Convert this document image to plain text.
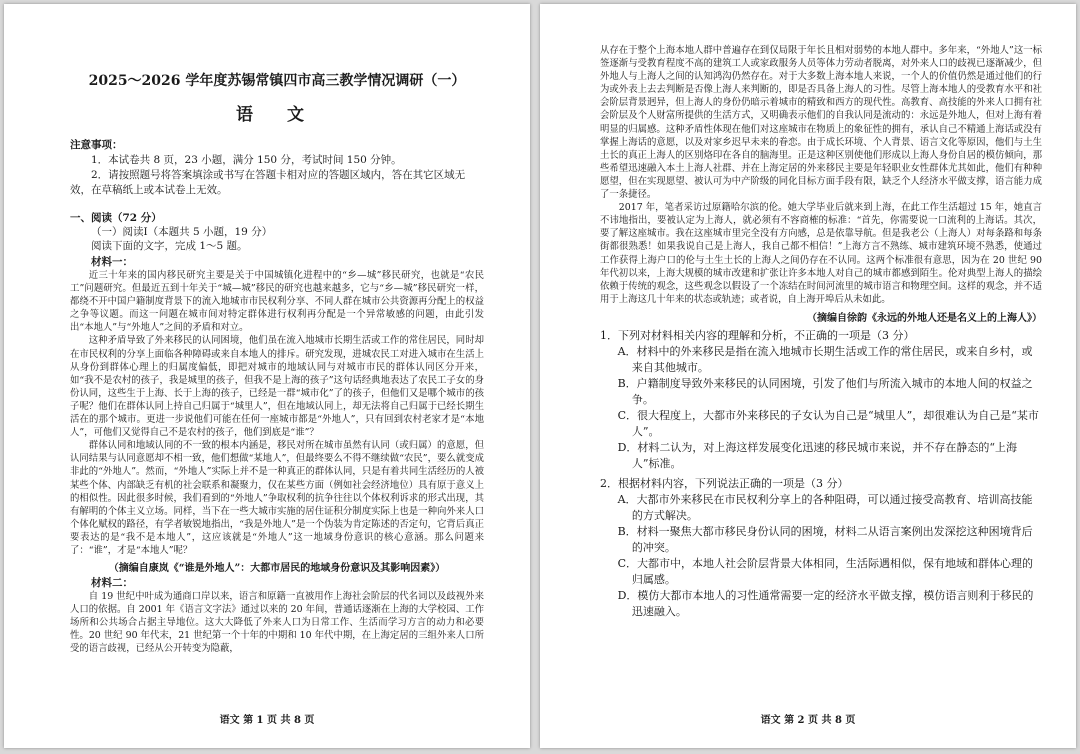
2025～2026 学年度苏锡常镇四市高三教学情况调研（一）
语 文
注意事项：

1．本试卷共 8 页，23 小题，满分 150 分，考试时间 150 分钟。

2．请按照题号将答案填涂或书写在答题卡相对应的答题区域内，答在其它区域无效，在草稿纸上或本试卷上无效。

一、阅读（72 分）
（一）阅读Ⅰ（本题共 5 小题，19 分）
阅读下面的文字，完成 1～5 题。
材料一：

近三十年来的国内移民研究主要是关于中国城镇化进程中的“乡—城”移民研究，也就是“农民工”问题研究。但最近五到十年关于“城—城”移民的研究也越来越多，它与“乡—城”移民研究一样，都绕不开中国户籍制度背景下的流入地城市市民权利分享、不同人群在城市公共资源再分配上的权益之争等议题。而这一问题在城市间对特定群体进行权利再分配是一个异常敏感的问题，由此引发出“本地人”与“外地人”之间的矛盾和对立。

这种矛盾导致了外来移民的认同困境，他们虽在流入地城市长期生活或工作的常住居民，同时却在市民权利的分享上面临各种障碍或来自本地人的排斥。研究发现，进城农民工对进入城市在生活上从身份到群体心理上的归属度偏低，即把对城市的地域认同与对城市市民的群体认同区分开来，如“我不是农村的孩子，我是城里的孩子，但我不是上海的孩子”这句话经典地表达了农民工子女的身份认同，这些生于上海、长于上海的孩子，已经是一群“城市化”了的孩子，但他们又是哪个城市的孩子呢？他们在群体认同上持自己归属于“城里人”，但在地域认同上，却无法将自己归属于已经长期生活在的那个城市。更进一步说他们可能在任何一座城市都是“外地人”，只有回到农村老家才是“本地人”，可他们又觉得自己不是农村的孩子，他们到底是“谁”？

群体认同和地域认同的不一致的根本内涵是，移民对所在城市虽然有认同（或归属）的意愿，但认同结果与认同意愿却不相一致，他们想做“某地人”，但最终要么不得不继续做“农民”，要么就变成非此的“外地人”。然而，“外地人”实际上并不是一种真正的群体认同，只是有着共同生活经历的人被某些个体、内部缺乏有机的社会联系和凝聚力，仅在某些方面（例如社会经济地位）具有原于意义上的相似性。因此很多时候，我们看到的“外地人”争取权利的抗争往往以个体权利诉求的形式出现，其有解明的个体主义立场。同样，当下在一些大城市实施的居住证积分制度实际上也是一种向外来人口个体化赋权的路径，有学者敏锐地指出，“我是外地人”是一个伪装为肯定陈述的否定句，它背后真正要表达的是“我不是本地人”，这应该就是“外地人”这一地域身份意识的核心意涵。那么问题来了：“谁”，才是“本地人”呢？

（摘编自康岚《“谁是外地人”：大都市居民的地域身份意识及其影响因素》）
材料二：

自 19 世纪中叶成为通商口岸以来，语言和原籍一直被用作上海社会阶层的代名词以及歧视外来人口的依据。自 2001 年《语言文字法》通过以来的 20 年间，普通话逐渐在上海的大学校园、工作场所和公共场合占据主导地位。这大大降低了外来人口为日常工作、生活而学习方言的动力和必要性。20 世纪 90 年代末，21 世纪第一个十年的中期和 10 年代中期，在上海定居的三组外来人口所受的语言歧视，已经从公开转变为隐蔽，

语文 第 1 页 共 8 页

从存在于整个上海本地人群中普遍存在到仅局限于年长且相对弱势的本地人群中。多年来，“外地人”这一标签逐渐与受教育程度不高的建筑工人或家政服务人员等体力劳动者脱离，对外来人口的歧视已逐渐减少，但外地人与上海人之间的认知鸿沟仍然存在。对于大多数上海本地人来说，一个人的价值仍然是通过他们的行为或外表上去去判断是否像上海人来判断的，即是否具备上海人的习性。尽管上海本地人的受教育水平和社会阶层背景迥异，但上海人的身份仍暗示着城市的精致和西方的现代性。高教育、高技能的外来人口拥有社会阶层及个人财富所提供的生活方式，又明确表示他们的自我认同是流动的：永远是外地人，但对上海有着明显的归属感。这种矛盾性体现在他们对这座城市在物质上的象征性的拥有，承认自己不精通上海话或没有掌握上海话的意愿，以及对家乡迟早未来的眷恋。由于成长环境、个人背景、语言文化等原因，他们与土生土长的真正上海人的区别烙印在各自的脑海里。正是这种区别使他们形成以上海人身份自居的模仿倾向，那些希望迅速融入本土上海人社群、并在上海定居的外来移民主要是年轻职业女性群体尤其如此，他们有种种愿望，但在实现愿望、被认可为中产阶级的同化目标方面手段有限，缺乏个人经济水平做支撑，语言能力成了一条捷径。

2017 年，笔者采访过原籍哈尔滨的伦。她大学毕业后就来到上海，在此工作生活超过 15 年，她直言不讳地指出，要被认定为上海人，就必须有不容商榷的标准：“首先，你需要说一口流利的上海话。其次，要了解这座城市。我在这座城市里完全没有方向感，总是依靠导航。但是我老公（上海人）对每条路和每条街都很熟悉！如果我说自己是上海人，我自己都不相信！”上海方言不熟练、城市建筑环境不熟悉，使通过工作获得上海户口的伦与土生土长的上海人之间仍存在不认同。这两个标准很有意思，因为在 20 世纪 90 年代初以来，上海大规模的城市改建和扩张让许多本地人对自己的城市都感到陌生。伦对典型上海人的描绘依赖于传统的观念，这些观念以假设了一个冻结在时间河流里的城市语言和物理空间。这样的观念，并不适用于上海这几十年来的状态或轨迹；或者说，自上海开埠后从未如此。

（摘编自徐韵《永远的外地人还是名义上的上海人》）
1．下列对材料相关内容的理解和分析，不正确的一项是（3 分）
A．材料中的外来移民是指在流入地城市长期生活或工作的常住居民，或来自乡村，或来自其他城市。
B．户籍制度导致外来移民的认同困境，引发了他们与所流入城市的本地人间的权益之争。
C．很大程度上，大都市外来移民的子女认为自己是“城里人”，却很难认为自己是“某市人”。
D．材料二认为，对上海这样发展变化迅速的移民城市来说，并不存在静态的“上海人”标准。
2．根据材料内容，下列说法正确的一项是（3 分）
A．大都市外来移民在市民权利分享上的各种阻碍，可以通过接受高教育、培训高技能的方式解决。
B．材料一聚焦大都市移民身份认同的困境，材料二从语言案例出发深挖这种困境背后的冲突。
C．大都市中，本地人社会阶层背景大体相同，生活际遇相似，保有地域和群体心理的归属感。
D．模仿大都市本地人的习性通常需要一定的经济水平做支撑，模仿语言则利于移民的迅速融入。
语文 第 2 页 共 8 页
